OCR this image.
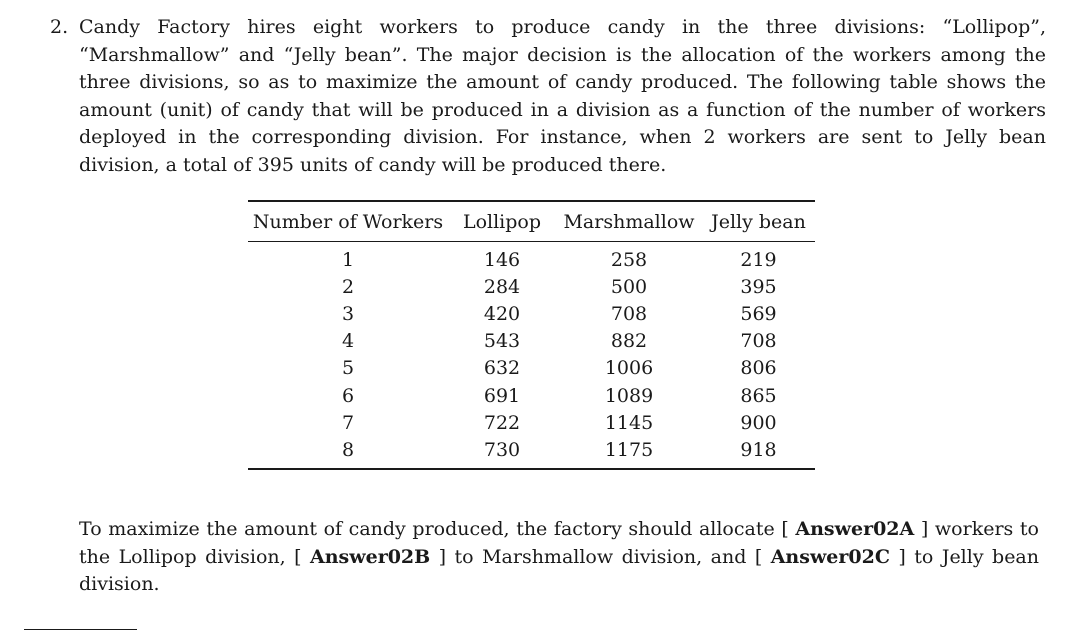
2. Candy Factory hires eight workers to produce candy in the three divisions: “Lollipop”, “Marshmallow” and “Jelly bean”. The major decision is the allocation of the workers among the three divisions, so as to maximize the amount of candy produced. The following table shows the amount (unit) of candy that will be produced in a division as a function of the number of workers deployed in the corresponding division. For instance, when 2 workers are sent to Jelly bean division, a total of 395 units of candy will be produced there.
Number of Workers	Lollipop	Marshmallow	Jelly bean
1	146	258	219
2	284	500	395
3	420	708	569
4	543	882	708
5	632	1006	806
6	691	1089	865
7	722	1145	900
8	730	1175	918
To maximize the amount of candy produced, the factory should allocate [ Answer02A ] workers to the Lollipop division, [ Answer02B ] to Marshmallow division, and [ Answer02C ] to Jelly bean division.
